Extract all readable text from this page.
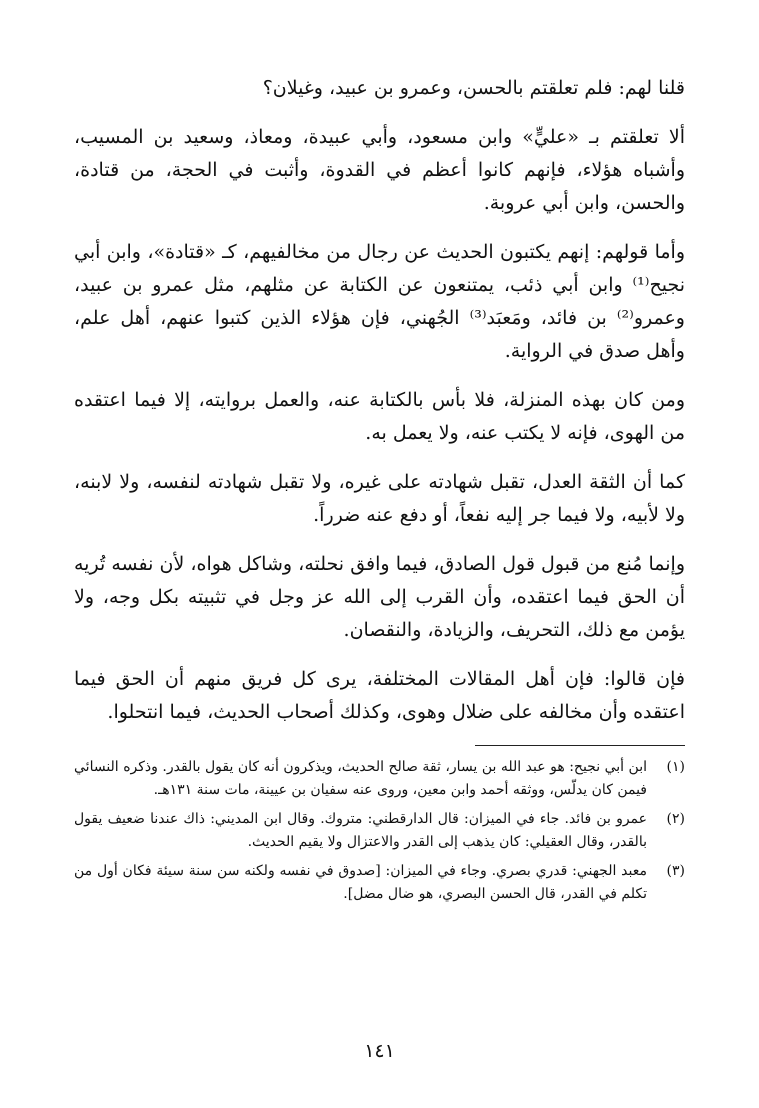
قلنا لهم: فلم تعلقتم بالحسن، وعمرو بن عبيد، وغيلان؟

ألا تعلقتم بـ «عليٍّ» وابن مسعود، وأبي عبيدة، ومعاذ، وسعيد بن المسيب، وأشباه هؤلاء، فإنهم كانوا أعظم في القدوة، وأثبت في الحجة، من قتادة، والحسن، وابن أبي عروبة.

وأما قولهم: إنهم يكتبون الحديث عن رجال من مخالفيهم، كـ «قتادة»، وابن أبي نجيح⁽¹⁾ وابن أبي ذئب، يمتنعون عن الكتابة عن مثلهم، مثل عمرو بن عبيد، وعمرو⁽²⁾ بن فائد، ومَعبَد⁽³⁾ الجُهني، فإن هؤلاء الذين كتبوا عنهم، أهل علم، وأهل صدق في الرواية.

ومن كان بهذه المنزلة، فلا بأس بالكتابة عنه، والعمل بروايته، إلا فيما اعتقده من الهوى، فإنه لا يكتب عنه، ولا يعمل به.

كما أن الثقة العدل، تقبل شهادته على غيره، ولا تقبل شهادته لنفسه، ولا لابنه، ولا لأبيه، ولا فيما جر إليه نفعاً، أو دفع عنه ضرراً.

وإنما مُنع من قبول قول الصادق، فيما وافق نحلته، وشاكل هواه، لأن نفسه تُريه أن الحق فيما اعتقده، وأن القرب إلى الله عز وجل في تثبيته بكل وجه، ولا يؤمن مع ذلك، التحريف، والزيادة، والنقصان.

فإن قالوا: فإن أهل المقالات المختلفة، يرى كل فريق منهم أن الحق فيما اعتقده وأن مخالفه على ضلال وهوى، وكذلك أصحاب الحديث، فيما انتحلوا.

(١)
ابن أبي نجيح: هو عبد الله بن يسار، ثقة صالح الحديث، ويذكرون أنه كان يقول بالقدر. وذكره النسائي فيمن كان يدلّس، ووثقه أحمد وابن معين، وروى عنه سفيان بن عيينة، مات سنة ١٣١هـ.
(٢)
عمرو بن فائد. جاء في الميزان: قال الدارقطني: متروك. وقال ابن المديني: ذاك عندنا ضعيف يقول بالقدر، وقال العقيلي: كان يذهب إلى القدر والاعتزال ولا يقيم الحديث.
(٣)
معبد الجهني: قدري بصري. وجاء في الميزان: [صدوق في نفسه ولكنه سن سنة سيئة فكان أول من تكلم في القدر، قال الحسن البصري، هو ضال مضل].
١٤١
